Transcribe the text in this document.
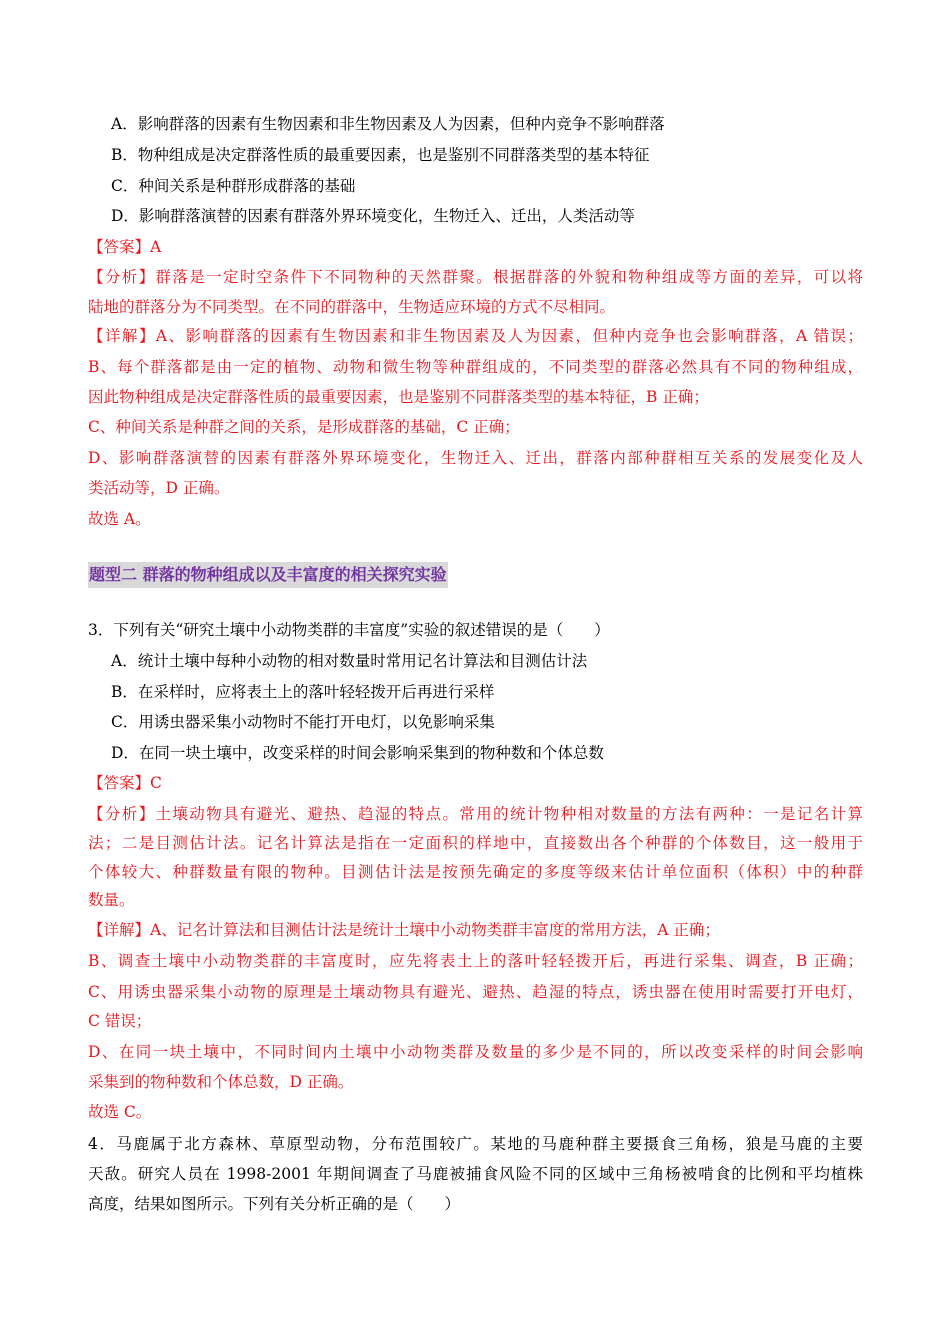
A．影响群落的因素有生物因素和非生物因素及人为因素，但种内竞争不影响群落
B．物种组成是决定群落性质的最重要因素，也是鉴别不同群落类型的基本特征
C．种间关系是种群形成群落的基础
D．影响群落演替的因素有群落外界环境变化，生物迁入、迁出，人类活动等
【答案】A
【分析】群落是一定时空条件下不同物种的天然群聚。根据群落的外貌和物种组成等方面的差异，可以将
陆地的群落分为不同类型。在不同的群落中，生物适应环境的方式不尽相同。
【详解】A、影响群落的因素有生物因素和非生物因素及人为因素，但种内竞争也会影响群落，A 错误；
B、每个群落都是由一定的植物、动物和微生物等种群组成的，不同类型的群落必然具有不同的物种组成，
因此物种组成是决定群落性质的最重要因素，也是鉴别不同群落类型的基本特征，B 正确；
C、种间关系是种群之间的关系，是形成群落的基础，C 正确；
D、影响群落演替的因素有群落外界环境变化，生物迁入、迁出，群落内部种群相互关系的发展变化及人
类活动等，D 正确。
故选 A。
题型二 群落的物种组成以及丰富度的相关探究实验
3．下列有关“研究土壤中小动物类群的丰富度”实验的叙述错误的是（　　）
A．统计土壤中每种小动物的相对数量时常用记名计算法和目测估计法
B．在采样时，应将表土上的落叶轻轻拨开后再进行采样
C．用诱虫器采集小动物时不能打开电灯，以免影响采集
D．在同一块土壤中，改变采样的时间会影响采集到的物种数和个体总数
【答案】C
【分析】土壤动物具有避光、避热、趋湿的特点。常用的统计物种相对数量的方法有两种：一是记名计算
法；二是目测估计法。记名计算法是指在一定面积的样地中，直接数出各个种群的个体数目，这一般用于
个体较大、种群数量有限的物种。目测估计法是按预先确定的多度等级来估计单位面积（体积）中的种群
数量。
【详解】A、记名计算法和目测估计法是统计土壤中小动物类群丰富度的常用方法，A 正确；
B、调查土壤中小动物类群的丰富度时，应先将表土上的落叶轻轻拨开后，再进行采集、调查，B 正确；
C、用诱虫器采集小动物的原理是土壤动物具有避光、避热、趋湿的特点，诱虫器在使用时需要打开电灯，
C 错误；
D、在同一块土壤中，不同时间内土壤中小动物类群及数量的多少是不同的，所以改变采样的时间会影响
采集到的物种数和个体总数，D 正确。
故选 C。
4．马鹿属于北方森林、草原型动物，分布范围较广。某地的马鹿种群主要摄食三角杨，狼是马鹿的主要
天敌。研究人员在 1998-2001 年期间调查了马鹿被捕食风险不同的区域中三角杨被啃食的比例和平均植株
高度，结果如图所示。下列有关分析正确的是（　　）
